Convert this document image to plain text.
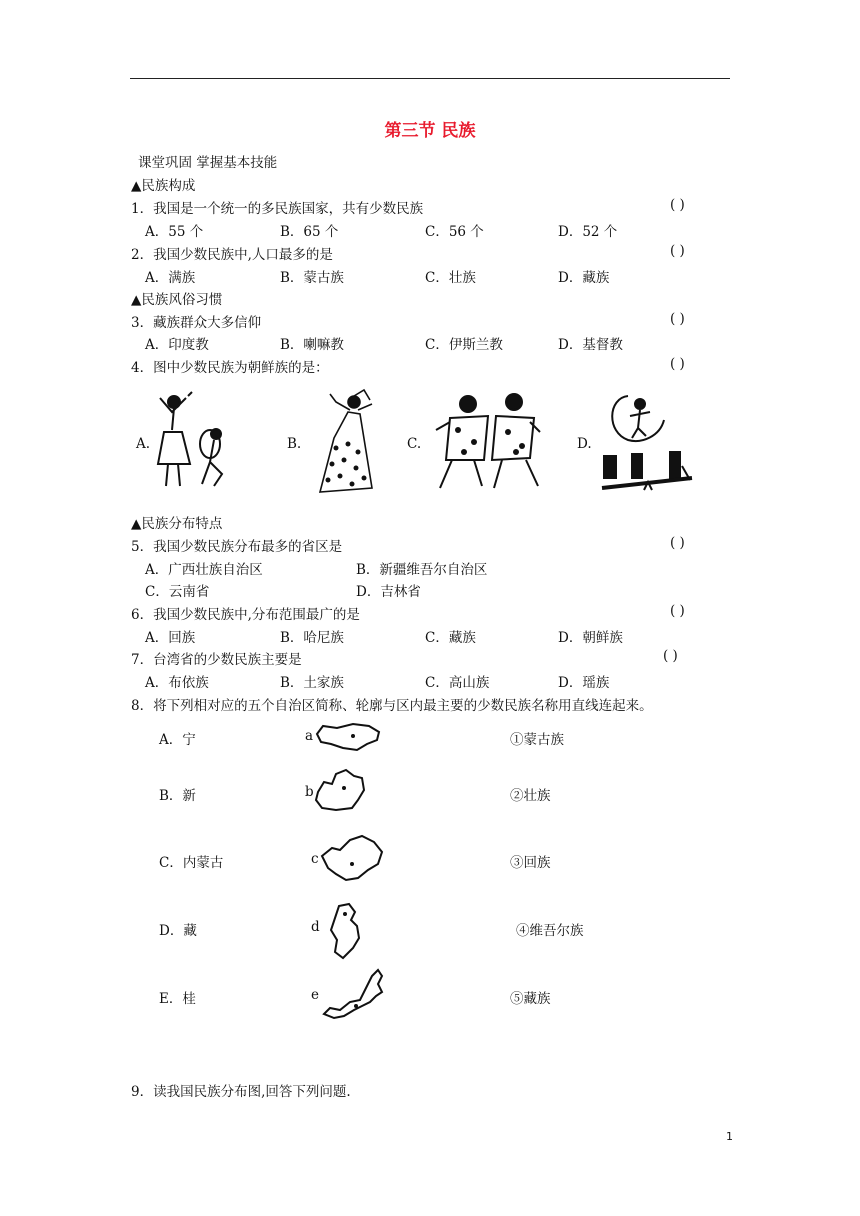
第三节 民族
课堂巩固 掌握基本技能
▲民族构成
1．我国是一个统一的多民族国家，共有少数民族	( )
A．55 个	B．65 个	C．56 个	D．52 个
2．我国少数民族中,人口最多的是	( )
A．满族	B．蒙古族	C．壮族	D．藏族
▲民族风俗习惯
3．藏族群众大多信仰	( )
A．印度教	B．喇嘛教	C．伊斯兰教	D．基督教
4．图中少数民族为朝鲜族的是：	( )
A.	B.	C.	D.
▲民族分布特点
5．我国少数民族分布最多的省区是	( )
A．广西壮族自治区	B．新疆维吾尔自治区
C．云南省	D．吉林省
6．我国少数民族中,分布范围最广的是	( )
A．回族	B．哈尼族	C．藏族	D．朝鲜族
7．台湾省的少数民族主要是	( )
A．布依族	B．土家族	C．高山族	D．瑶族
8．将下列相对应的五个自治区简称、轮廓与区内最主要的少数民族名称用直线连起来。
A．宁	a	①蒙古族
B．新	b	②壮族
C．内蒙古	c	③回族
D．藏	d	④维吾尔族
E．桂	e	⑤藏族
9．读我国民族分布图,回答下列问题.
1
